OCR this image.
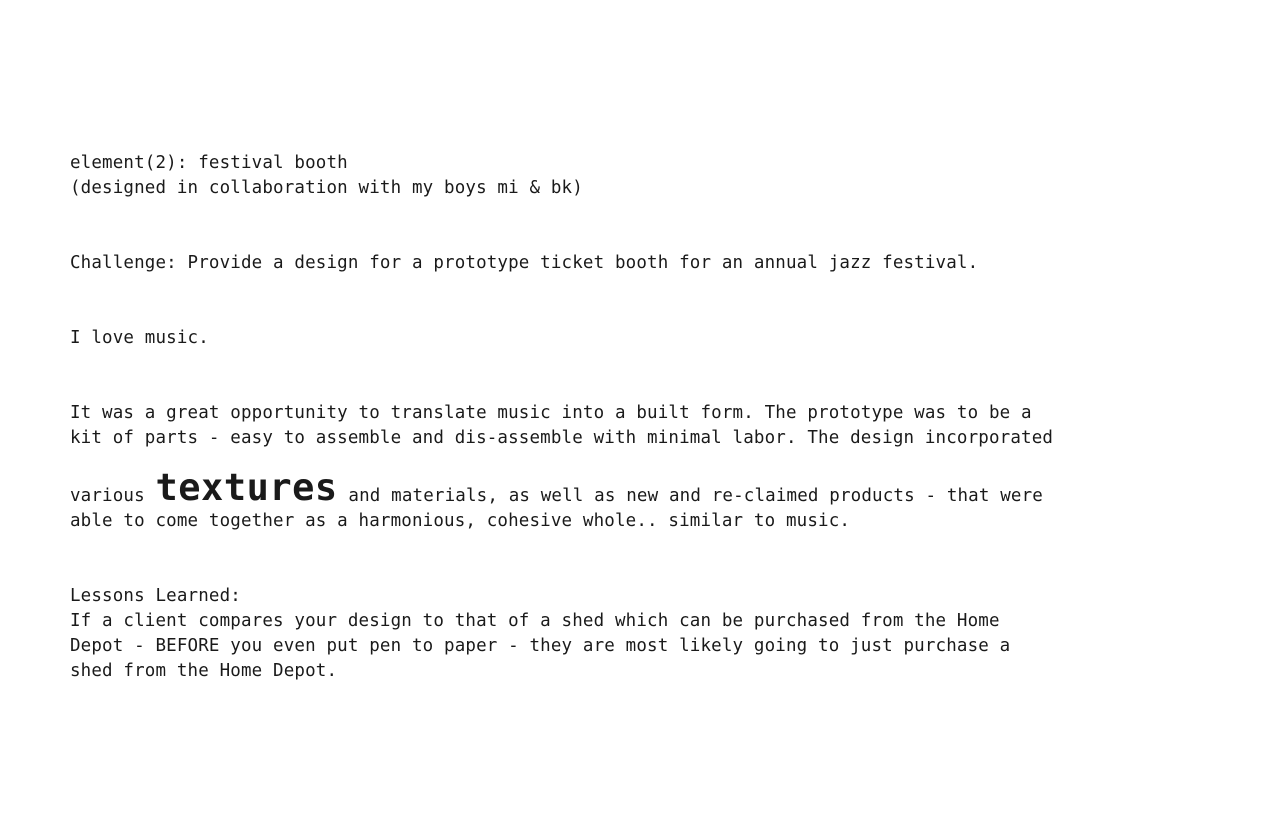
element(2): festival booth
(designed in collaboration with my boys mi & bk)
Challenge: Provide a design for a prototype ticket booth for an annual jazz festival.
I love music.
It was a great opportunity to translate music into a built form. The prototype was to be a
kit of parts - easy to assemble and dis-assemble with minimal labor. The design incorporated
various textures and materials, as well as new and re-claimed products - that were
able to come together as a harmonious, cohesive whole.. similar to music.
Lessons Learned:
If a client compares your design to that of a shed which can be purchased from the Home
Depot - BEFORE you even put pen to paper - they are most likely going to just purchase a
shed from the Home Depot.
